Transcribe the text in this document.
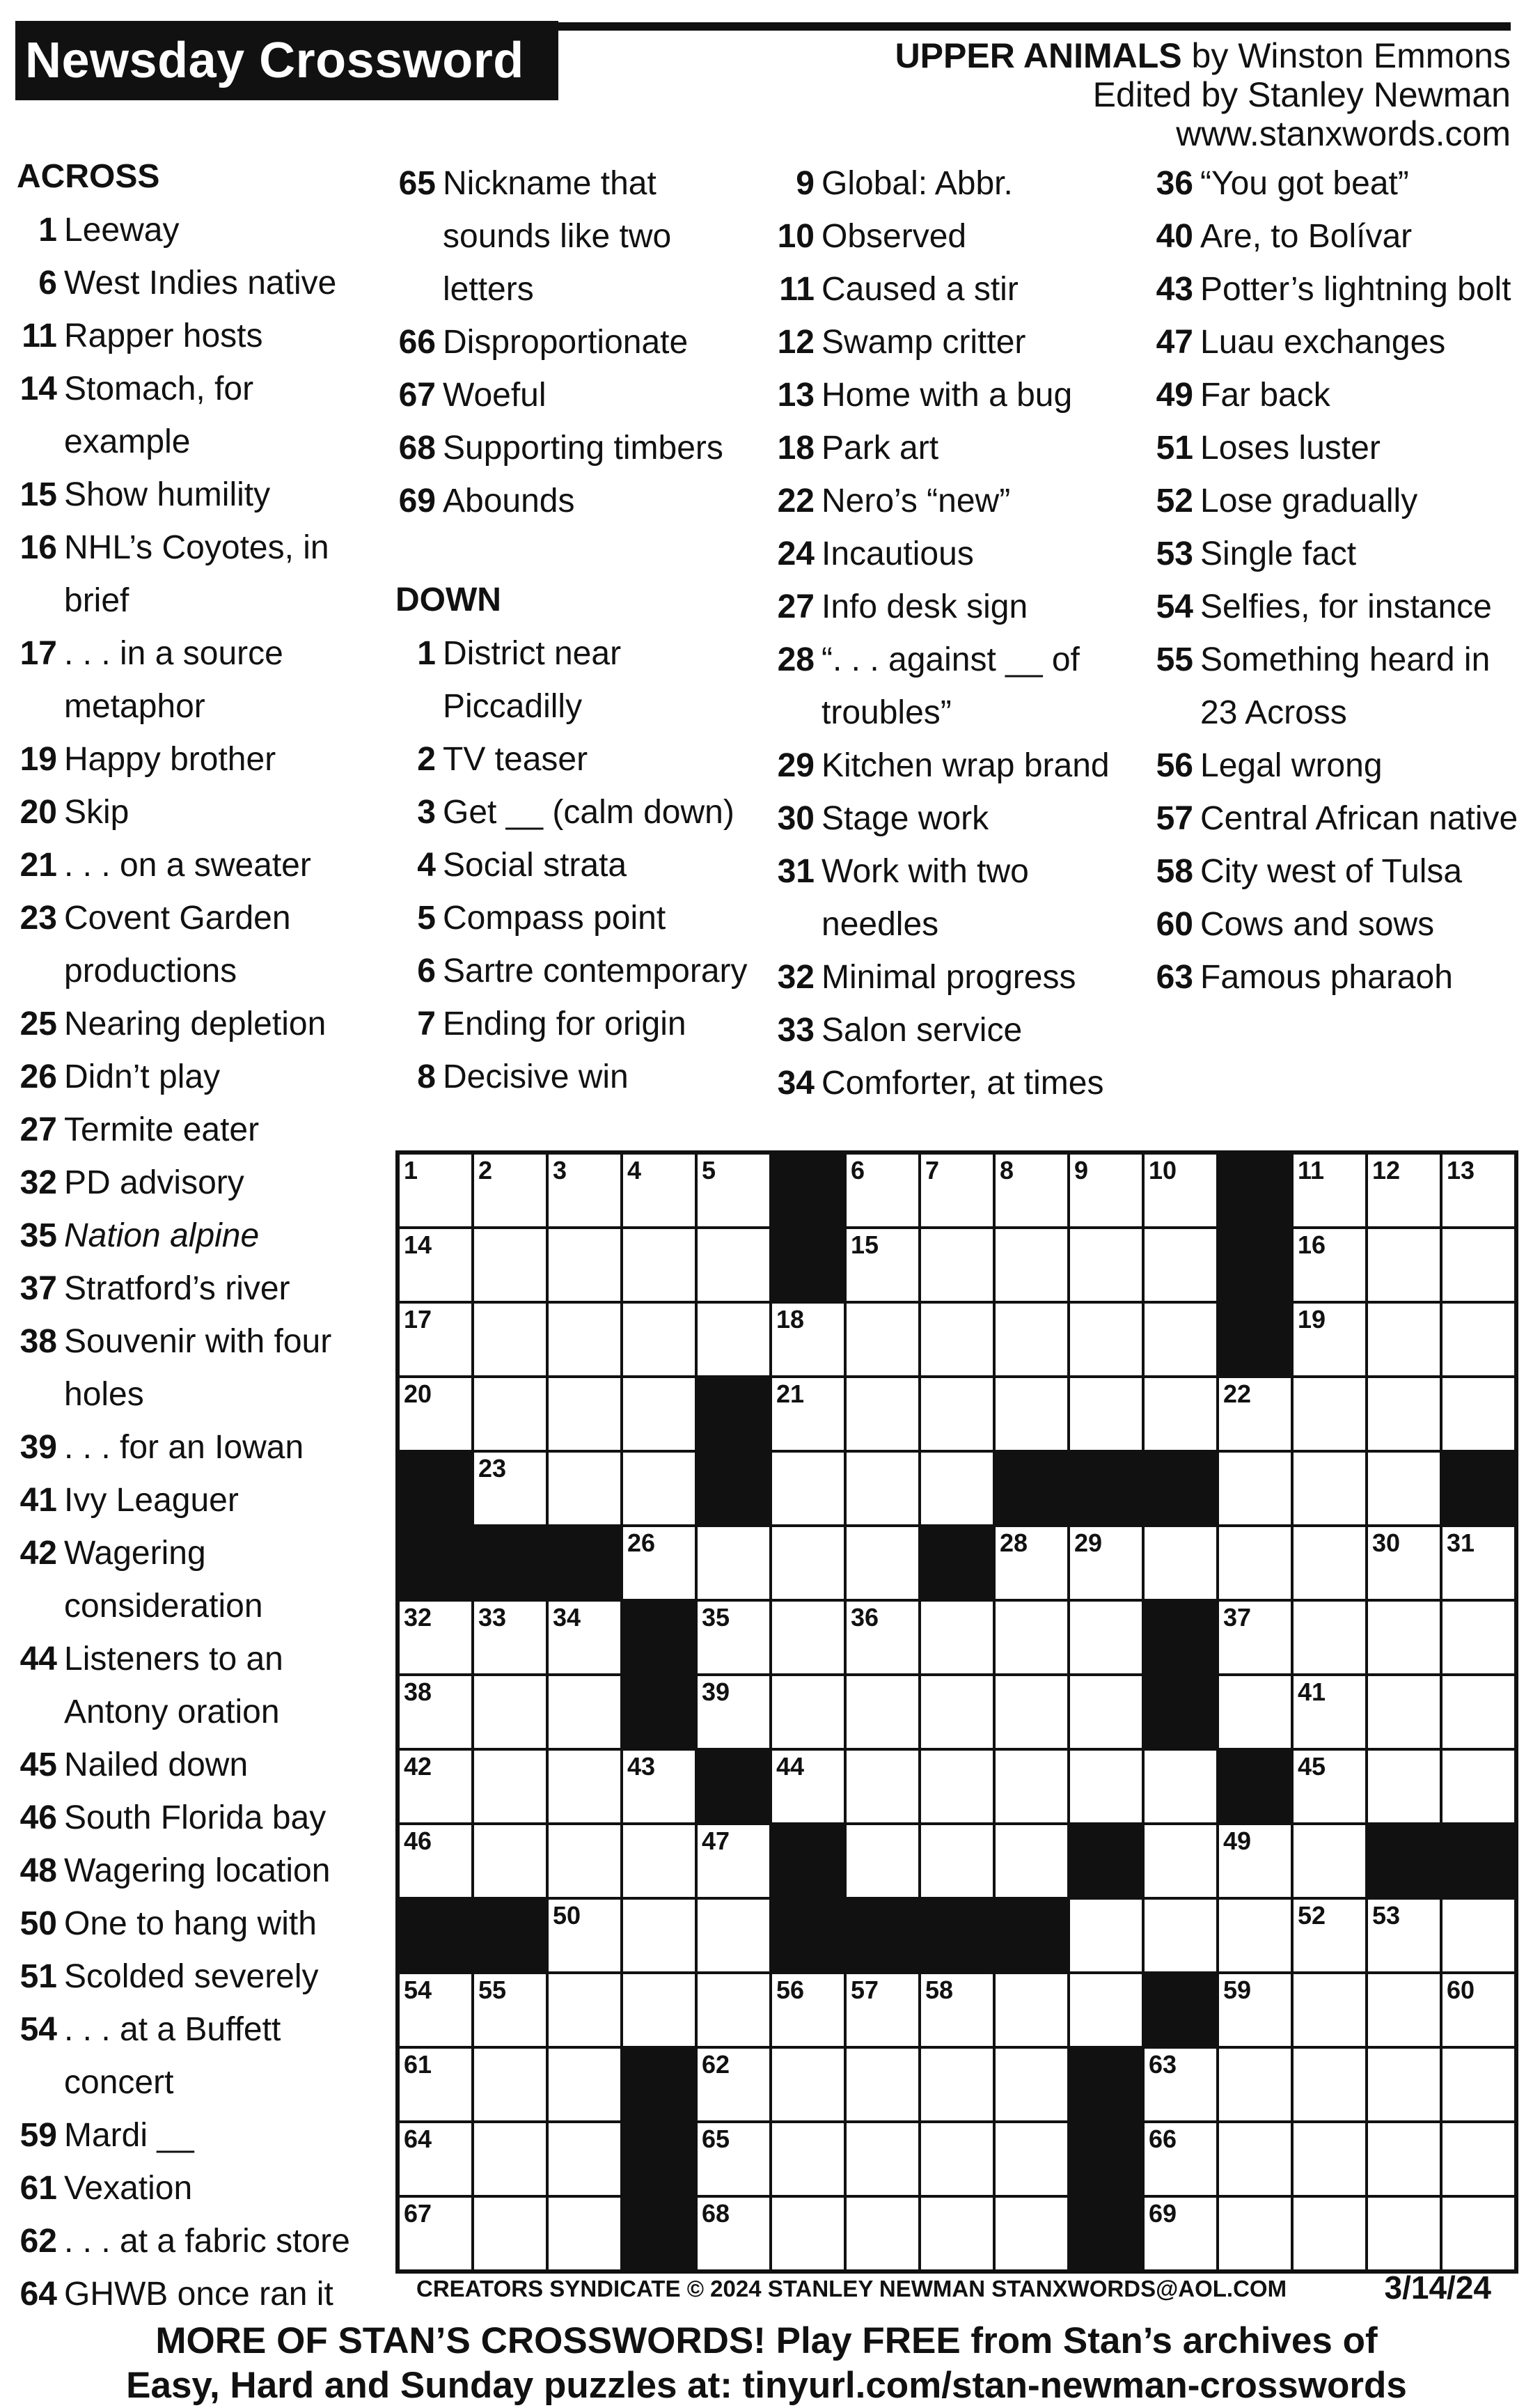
Newsday Crossword	UPPER ANIMALS by Winston Emmons
Edited by Stanley Newman
www.stanxwords.com
ACROSS
1 Leeway
6 West Indies native
11 Rapper hosts
14 Stomach, for example
15 Show humility
16 NHL’s Coyotes, in brief
17 . . . in a source metaphor
19 Happy brother
20 Skip
21 . . . on a sweater
23 Covent Garden productions
25 Nearing depletion
26 Didn’t play
27 Termite eater
32 PD advisory
35 Nation alpine
37 Stratford’s river
38 Souvenir with four holes
39 . . . for an Iowan
41 Ivy Leaguer
42 Wagering consideration
44 Listeners to an Antony oration
45 Nailed down
46 South Florida bay
48 Wagering location
50 One to hang with
51 Scolded severely
54 . . . at a Buffett concert
59 Mardi __
61 Vexation
62 . . . at a fabric store
64 GHWB once ran it
65 Nickname that sounds like two letters
66 Disproportionate
67 Woeful
68 Supporting timbers
69 Abounds
DOWN
1 District near Piccadilly
2 TV teaser
3 Get __ (calm down)
4 Social strata
5 Compass point
6 Sartre contemporary
7 Ending for origin
8 Decisive win
9 Global: Abbr.
10 Observed
11 Caused a stir
12 Swamp critter
13 Home with a bug
18 Park art
22 Nero’s “new”
24 Incautious
27 Info desk sign
28 “. . . against __ of troubles”
29 Kitchen wrap brand
30 Stage work
31 Work with two needles
32 Minimal progress
33 Salon service
34 Comforter, at times
36 “You got beat”
40 Are, to Bolívar
43 Potter’s lightning bolt
47 Luau exchanges
49 Far back
51 Loses luster
52 Lose gradually
53 Single fact
54 Selfies, for instance
55 Something heard in 23 Across
56 Legal wrong
57 Central African native
58 City west of Tulsa
60 Cows and sows
63 Famous pharaoh
1 2 3 4 5	6 7 8 9 10	11 12 13
14	15	16
17	18	19
20	21	22
23
26	28 29	30 31
32 33 34	35	36	37
38	39	41
42	43	44	45
46	47	49
50	52 53
54 55	56 57 58	59	60
61	62	63
64	65	66
67	68	69
CREATORS SYNDICATE © 2024 STANLEY NEWMAN STANXWORDS@AOL.COM	3/14/24
MORE OF STAN’S CROSSWORDS! Play FREE from Stan’s archives of
Easy, Hard and Sunday puzzles at: tinyurl.com/stan-newman-crosswords
